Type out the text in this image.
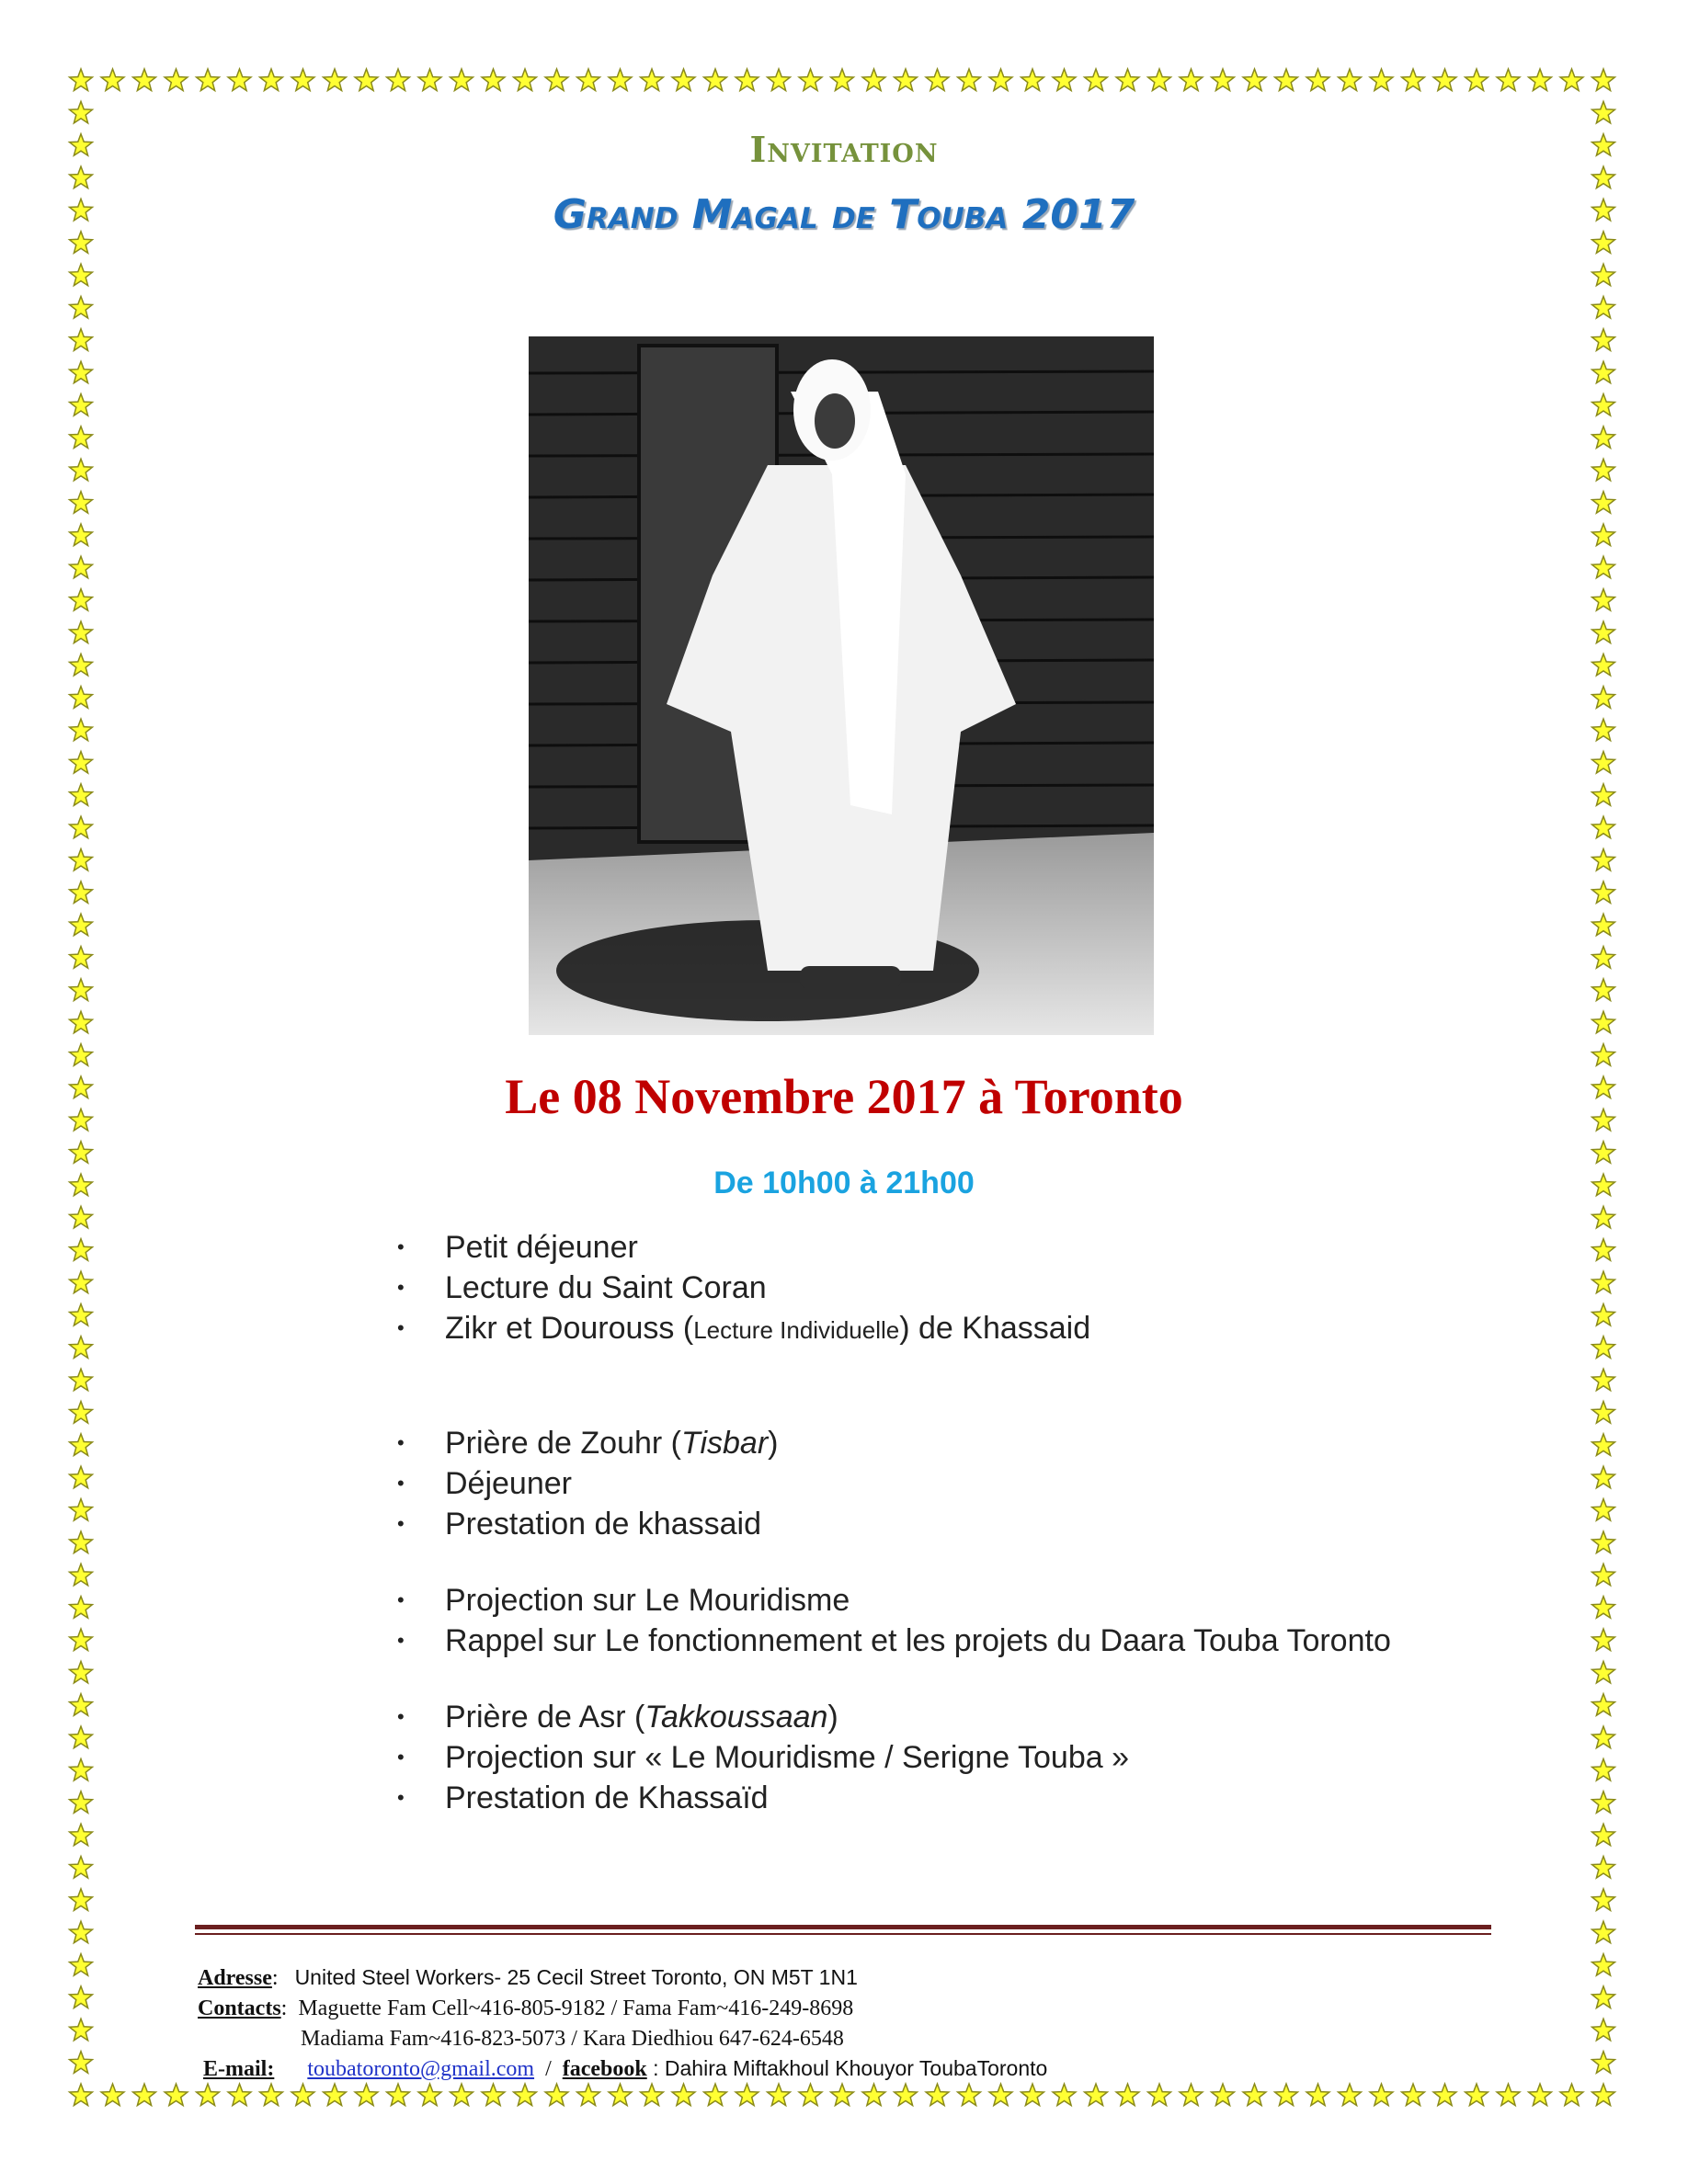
Invitation
Grand Magal de Touba 2017
Le 08 Novembre 2017 à Toronto
De 10h00 à 21h00
• Petit déjeuner
• Lecture du Saint Coran
• Zikr et Dourouss (Lecture Individuelle) de Khassaid
• Prière de Zouhr (Tisbar)
• Déjeuner
• Prestation de khassaid
• Projection sur Le Mouridisme
• Rappel sur Le fonctionnement et les projets du Daara Touba Toronto
• Prière de Asr (Takkoussaan)
• Projection sur « Le Mouridisme / Serigne Touba »
• Prestation de Khassaïd
Adresse:   United Steel Workers- 25 Cecil Street Toronto, ON M5T 1N1
Contacts:  Maguette Fam Cell~416-805-9182 / Fama Fam~416-249-8698
Madiama Fam~416-823-5073 / Kara Diedhiou 647-624-6548
E-mail: toubatoronto@gmail.com  /  facebook : Dahira Miftakhoul Khouyor ToubaToronto
